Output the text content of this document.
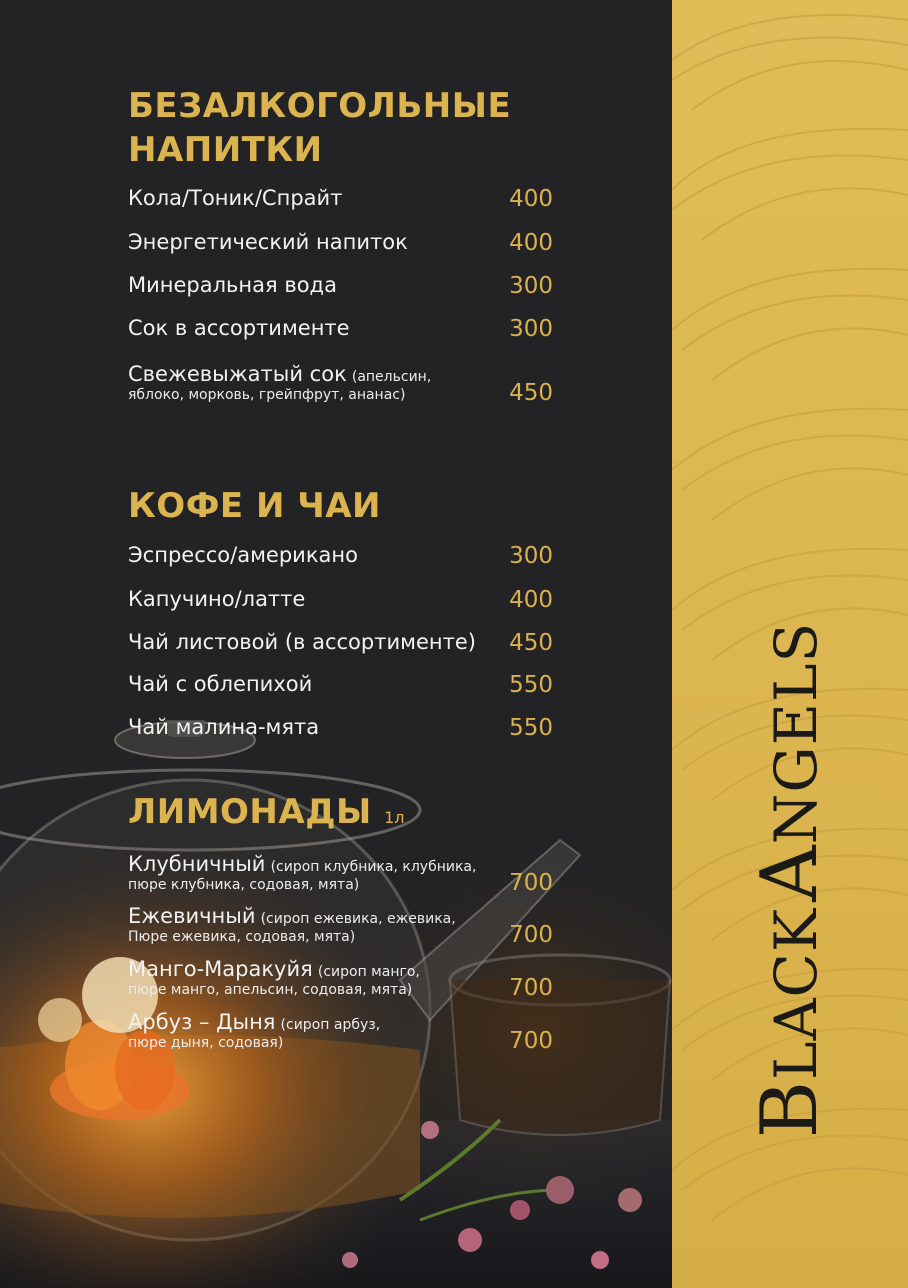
BLACK ANGELS
БЕЗАЛКОГОЛЬНЫЕ
НАПИТКИ
Кола/Тоник/Спрайт	400
Энергетический напиток	400
Минеральная вода	300
Сок в ассортименте	300
Свежевыжатый сок (апельсин,
яблоко, морковь, грейпфрут, ананас)	450
КОФЕ И ЧАИ
Эспрессо/американо	300
Капучино/латте	400
Чай листовой (в ассортименте) 450
Чай с облепихой	550
Чай малина-мята	550
ЛИМОНАДЫ 1л
Клубничный (сироп клубника, клубника,
пюре клубника, содовая, мята)	700
Ежевичный (сироп ежевика, ежевика,
Пюре ежевика, содовая, мята)	700
Манго-Маракуйя (сироп манго,
пюре манго, апельсин, содовая, мята)	700
Арбуз – Дыня (сироп арбуз,
пюре дыня, содовая)	700
